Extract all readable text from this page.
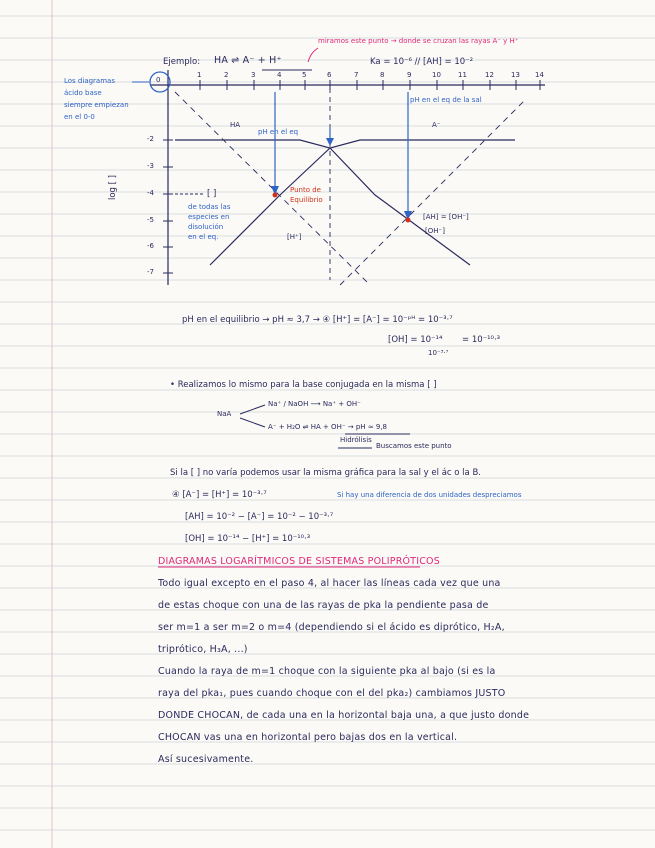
Ejemplo: HA ⇌ A⁻ + H⁺
miramos este punto → donde se cruzan las rayas A⁻ y H⁺
Ka = 10⁻⁶ // [AH] = 10⁻²
Los diagramas
ácido base
siempre empiezan
en el 0-0
0
1	2	3	4	5	6	7	8	9	10 11	12 13 14
-2
-3
-4
-5
-6
-7
log [ ]
HA	A⁻
pH en el eq
pH en el eq de la sal
Punto de
Equilibrio
[ ]
de todas las
especies en
disolución
en el eq.	[H⁺]
[AH] = [OH⁻]
[OH⁻]
pH en el equilibrio → pH ≈ 3,7 → ④ [H⁺] = [A⁻] = 10⁻ᵖᴴ = 10⁻³·⁷
[OH] = 10⁻¹⁴
10⁻³·⁷
= 10⁻¹⁰·³
• Realizamos lo mismo para la base conjugada en la misma [ ]
NaA
Na⁺ / NaOH ⟶ Na⁺ + OH⁻
A⁻ + H₂O ⇌ HA + OH⁻ → pH ≈ 9,8
Hidrólisis
Buscamos este punto
Si la [ ] no varía podemos usar la misma gráfica para la sal y el ác o la B.
④ [A⁻] = [H⁺] = 10⁻³·⁷	Si hay una diferencia de dos unidades despreciamos
[AH] = 10⁻² − [A⁻] = 10⁻² − 10⁻³·⁷
[OH] = 10⁻¹⁴ − [H⁺] = 10⁻¹⁰·³
DIAGRAMAS LOGARÍTMICOS DE SISTEMAS POLIPRÓTICOS
Todo igual excepto en el paso 4, al hacer las líneas cada vez que una
de estas choque con una de las rayas de pka la pendiente pasa de
ser m=1 a ser m=2 o m=4 (dependiendo si el ácido es diprótico, H₂A,
triprótico, H₃A, ...)
Cuando la raya de m=1 choque con la siguiente pka al bajo (si es la
raya del pka₁, pues cuando choque con el del pka₂) cambiamos JUSTO
DONDE CHOCAN, de cada una en la horizontal baja una, a que justo donde
CHOCAN vas una en horizontal pero bajas dos en la vertical.
Así sucesivamente.
